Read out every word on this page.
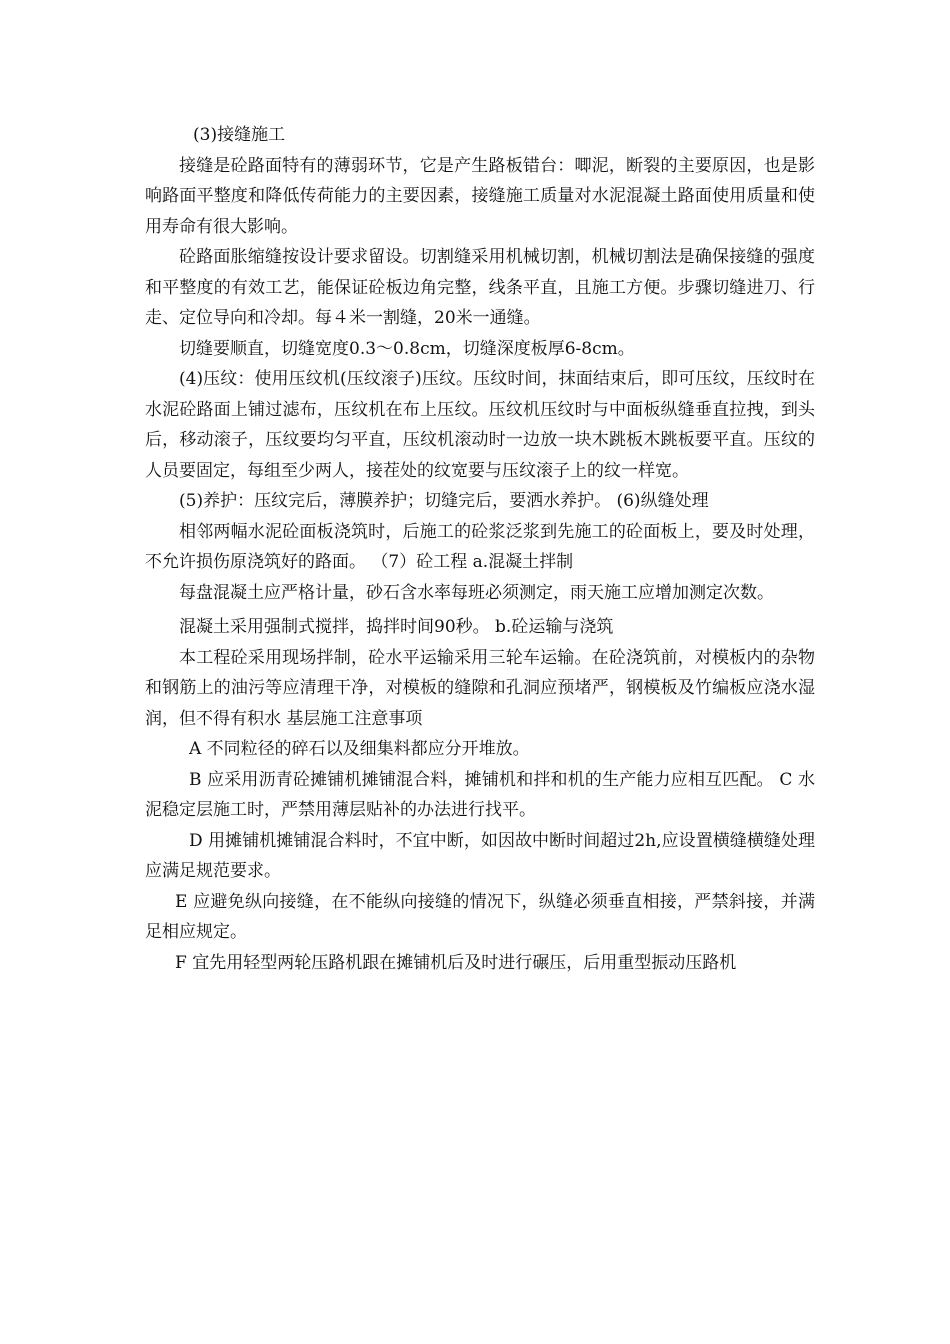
(3)接缝施工

接缝是砼路面特有的薄弱环节，它是产生路板错台：唧泥，断裂的主要原因，也是影响路面平整度和降低传荷能力的主要因素，接缝施工质量对水泥混凝土路面使用质量和使用寿命有很大影响。

砼路面胀缩缝按设计要求留设。切割缝采用机械切割，机械切割法是确保接缝的强度和平整度的有效工艺，能保证砼板边角完整，线条平直，且施工方便。步骤切缝进刀、行走、定位导向和冷却。每４米一割缝，20米一通缝。

切缝要顺直，切缝宽度0.3～0.8cm，切缝深度板厚6-8cm。

(4)压纹：使用压纹机(压纹滚子)压纹。压纹时间，抹面结束后，即可压纹，压纹时在水泥砼路面上铺过滤布，压纹机在布上压纹。压纹机压纹时与中面板纵缝垂直拉拽，到头后，移动滚子，压纹要均匀平直，压纹机滚动时一边放一块木跳板木跳板要平直。压纹的人员要固定，每组至少两人，接茬处的纹宽要与压纹滚子上的纹一样宽。

(5)养护：压纹完后，薄膜养护；切缝完后，要洒水养护。 (6)纵缝处理

相邻两幅水泥砼面板浇筑时，后施工的砼浆泛浆到先施工的砼面板上，要及时处理，不允许损伤原浇筑好的路面。 （7）砼工程 a.混凝土拌制

每盘混凝土应严格计量，砂石含水率每班必须测定，雨天施工应增加测定次数。

混凝土采用强制式搅拌，捣拌时间90秒。 b.砼运输与浇筑

本工程砼采用现场拌制，砼水平运输采用三轮车运输。在砼浇筑前，对模板内的杂物和钢筋上的油污等应清理干净，对模板的缝隙和孔洞应预堵严，钢模板及竹编板应浇水湿润，但不得有积水 基层施工注意事项

A 不同粒径的碎石以及细集料都应分开堆放。

B 应采用沥青砼摊铺机摊铺混合料，摊铺机和拌和机的生产能力应相互匹配。 C 水泥稳定层施工时，严禁用薄层贴补的办法进行找平。

D 用摊铺机摊铺混合料时，不宜中断，如因故中断时间超过2h,应设置横缝横缝处理应满足规范要求。

E 应避免纵向接缝，在不能纵向接缝的情况下，纵缝必须垂直相接，严禁斜接，并满足相应规定。

F 宜先用轻型两轮压路机跟在摊铺机后及时进行碾压，后用重型振动压路机
